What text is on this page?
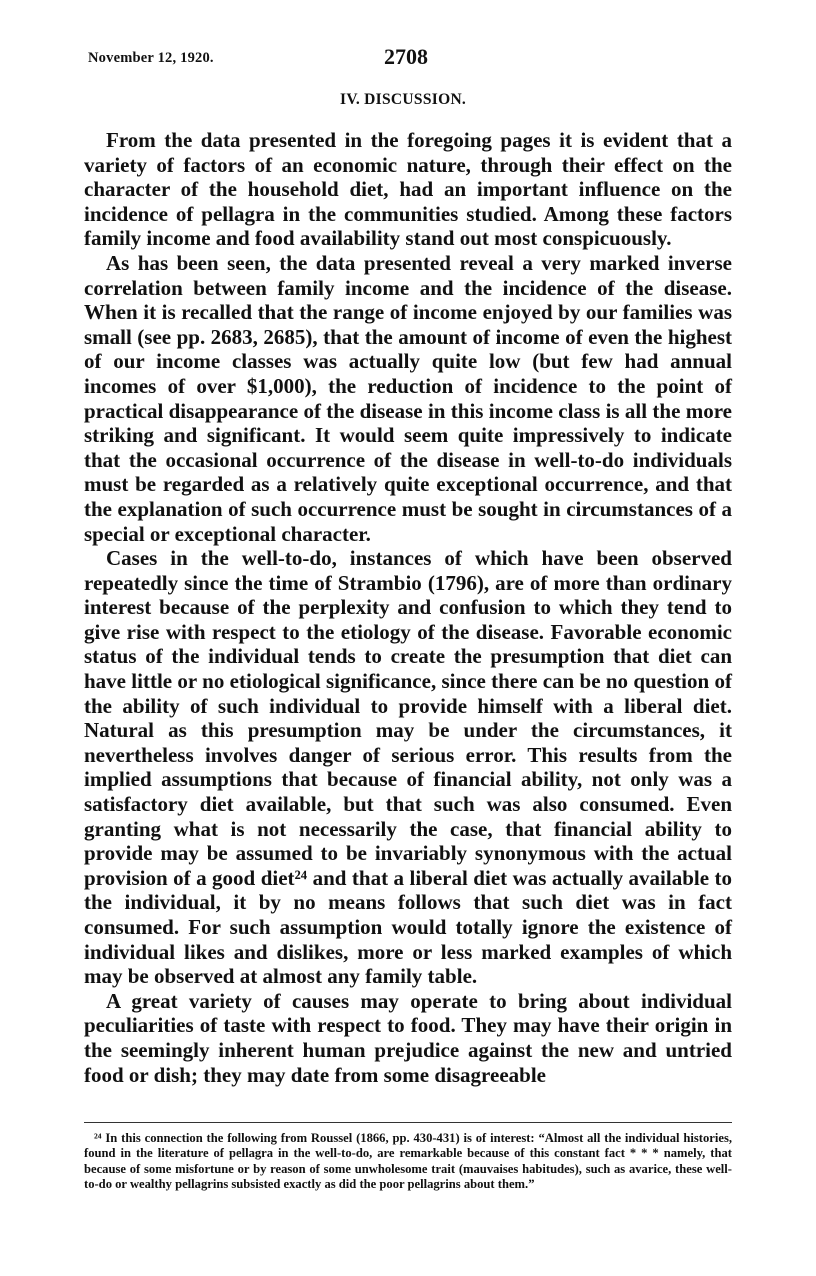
November 12, 1920.	2708
IV. DISCUSSION.

From the data presented in the foregoing pages it is evident that a variety of factors of an economic nature, through their effect on the character of the household diet, had an important influence on the incidence of pellagra in the communities studied. Among these factors family income and food availability stand out most conspicuously.

As has been seen, the data presented reveal a very marked inverse correlation between family income and the incidence of the disease. When it is recalled that the range of income enjoyed by our families was small (see pp. 2683, 2685), that the amount of income of even the highest of our income classes was actually quite low (but few had annual incomes of over $1,000), the reduction of incidence to the point of practical disappearance of the disease in this income class is all the more striking and significant. It would seem quite impressively to indicate that the occasional occurrence of the disease in well-to-do individuals must be regarded as a relatively quite exceptional occurrence, and that the explanation of such occurrence must be sought in circumstances of a special or exceptional character.

Cases in the well-to-do, instances of which have been observed repeatedly since the time of Strambio (1796), are of more than ordinary interest because of the perplexity and confusion to which they tend to give rise with respect to the etiology of the disease. Favorable economic status of the individual tends to create the presumption that diet can have little or no etiological significance, since there can be no question of the ability of such individual to provide himself with a liberal diet. Natural as this presumption may be under the circumstances, it nevertheless involves danger of serious error. This results from the implied assumptions that because of financial ability, not only was a satisfactory diet available, but that such was also consumed. Even granting what is not necessarily the case, that financial ability to provide may be assumed to be invariably synonymous with the actual provision of a good diet²⁴ and that a liberal diet was actually available to the individual, it by no means follows that such diet was in fact consumed. For such assumption would totally ignore the existence of individual likes and dislikes, more or less marked examples of which may be observed at almost any family table.

A great variety of causes may operate to bring about individual peculiarities of taste with respect to food. They may have their origin in the seemingly inherent human prejudice against the new and untried food or dish; they may date from some disagreeable

²⁴ In this connection the following from Roussel (1866, pp. 430-431) is of interest: “Almost all the individual histories, found in the literature of pellagra in the well-to-do, are remarkable because of this constant fact * * * namely, that because of some misfortune or by reason of some unwholesome trait (mauvaises habitudes), such as avarice, these well-to-do or wealthy pellagrins subsisted exactly as did the poor pellagrins about them.”
